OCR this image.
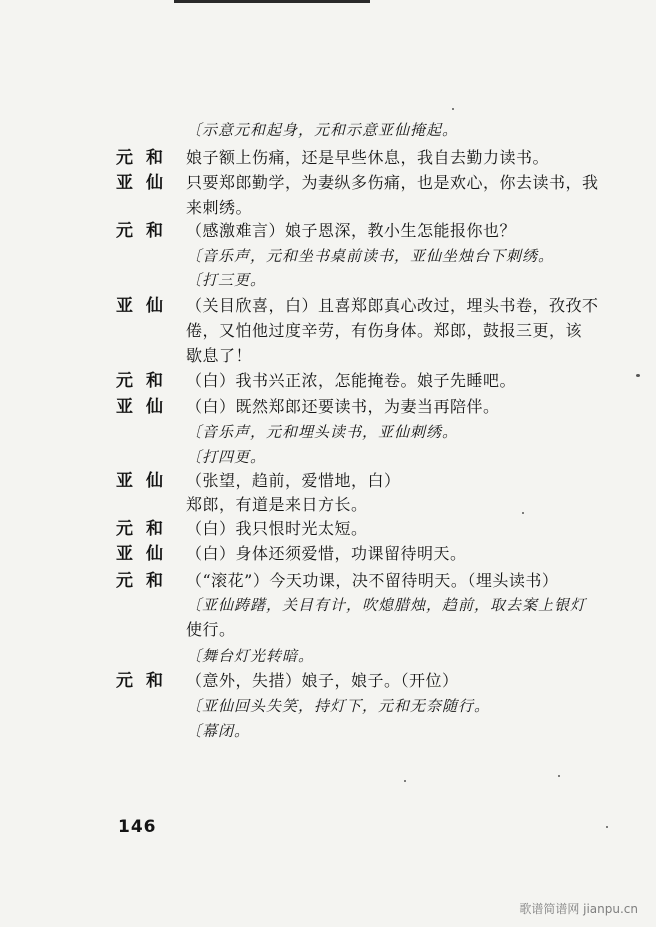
〔示意元和起身，元和示意亚仙掩起。
元和 娘子额上伤痛，还是早些休息，我自去勤力读书。
亚仙 只要郑郎勤学，为妻纵多伤痛，也是欢心，你去读书，我
来刺绣。
元和 （感激难言）娘子恩深，教小生怎能报你也？
〔音乐声，元和坐书桌前读书，亚仙坐烛台下刺绣。
〔打三更。
亚仙 （关目欣喜，白）且喜郑郎真心改过，埋头书卷，孜孜不
倦，又怕他过度辛劳，有伤身体。郑郎，鼓报三更，该
歇息了！
元和 （白）我书兴正浓，怎能掩卷。娘子先睡吧。
亚仙 （白）既然郑郎还要读书，为妻当再陪伴。
〔音乐声，元和埋头读书，亚仙刺绣。
〔打四更。
亚仙 （张望，趋前，爱惜地，白）
郑郎，有道是来日方长。
元和 （白）我只恨时光太短。
亚仙 （白）身体还须爱惜，功课留待明天。
元和 （“滚花”）今天功课，决不留待明天。（埋头读书）
〔亚仙踌躇，关目有计，吹熄腊烛，趋前，取去案上银灯
使行。
〔舞台灯光转暗。
元和 （意外，失措）娘子，娘子。（开位）
〔亚仙回头失笑，持灯下，元和无奈随行。
〔幕闭。
146
歌谱简谱网 jianpu.cn
